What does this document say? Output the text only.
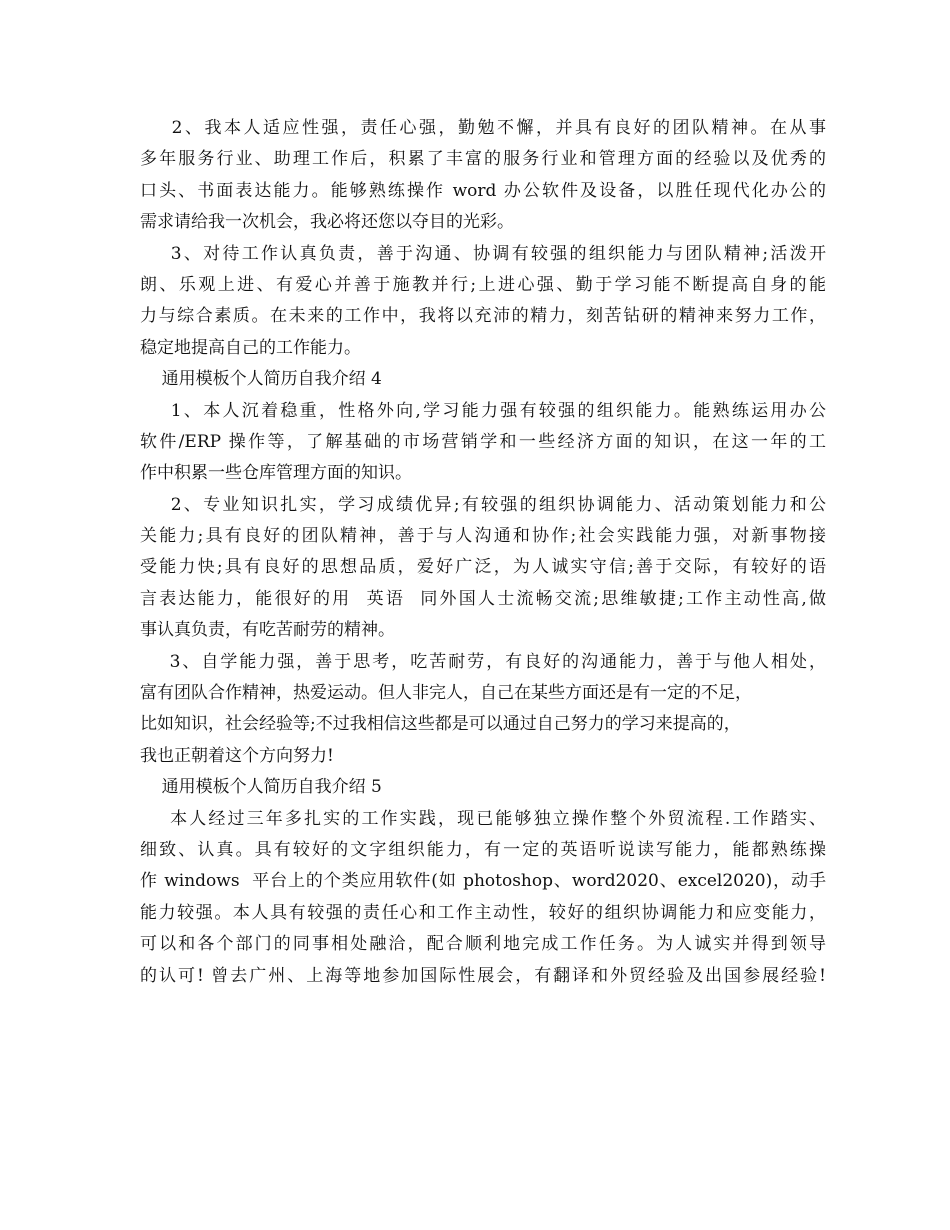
2、我本人适应性强，责任心强，勤勉不懈，并具有良好的团队精神。在从事
多年服务行业、助理工作后，积累了丰富的服务行业和管理方面的经验以及优秀的
口头、书面表达能力。能够熟练操作 word 办公软件及设备，以胜任现代化办公的
需求请给我一次机会，我必将还您以夺目的光彩。
3、对待工作认真负责，善于沟通、协调有较强的组织能力与团队精神;活泼开
朗、乐观上进、有爱心并善于施教并行;上进心强、勤于学习能不断提高自身的能
力与综合素质。在未来的工作中，我将以充沛的精力，刻苦钻研的精神来努力工作，
稳定地提高自己的工作能力。
通用模板个人简历自我介绍 4
1、本人沉着稳重，性格外向,学习能力强有较强的组织能力。能熟练运用办公
软件/ERP 操作等，了解基础的市场营销学和一些经济方面的知识，在这一年的工
作中积累一些仓库管理方面的知识。
2、专业知识扎实，学习成绩优异;有较强的组织协调能力、活动策划能力和公
关能力;具有良好的团队精神，善于与人沟通和协作;社会实践能力强，对新事物接
受能力快;具有良好的思想品质，爱好广泛，为人诚实守信;善于交际，有较好的语
言表达能力，能很好的用  英语  同外国人士流畅交流;思维敏捷;工作主动性高,做
事认真负责，有吃苦耐劳的精神。
3、自学能力强，善于思考，吃苦耐劳，有良好的沟通能力，善于与他人相处，
富有团队合作精神，热爱运动。但人非完人，自己在某些方面还是有一定的不足，
比如知识，社会经验等;不过我相信这些都是可以通过自己努力的学习来提高的，
我也正朝着这个方向努力!
通用模板个人简历自我介绍 5
本人经过三年多扎实的工作实践，现已能够独立操作整个外贸流程.工作踏实、
细致、认真。具有较好的文字组织能力，有一定的英语听说读写能力，能都熟练操
作 windows  平台上的个类应用软件(如 photoshop、word2020、excel2020)，动手
能力较强。本人具有较强的责任心和工作主动性，较好的组织协调能力和应变能力，
可以和各个部门的同事相处融洽，配合顺利地完成工作任务。为人诚实并得到领导
的认可! 曾去广州、上海等地参加国际性展会，有翻译和外贸经验及出国参展经验!
